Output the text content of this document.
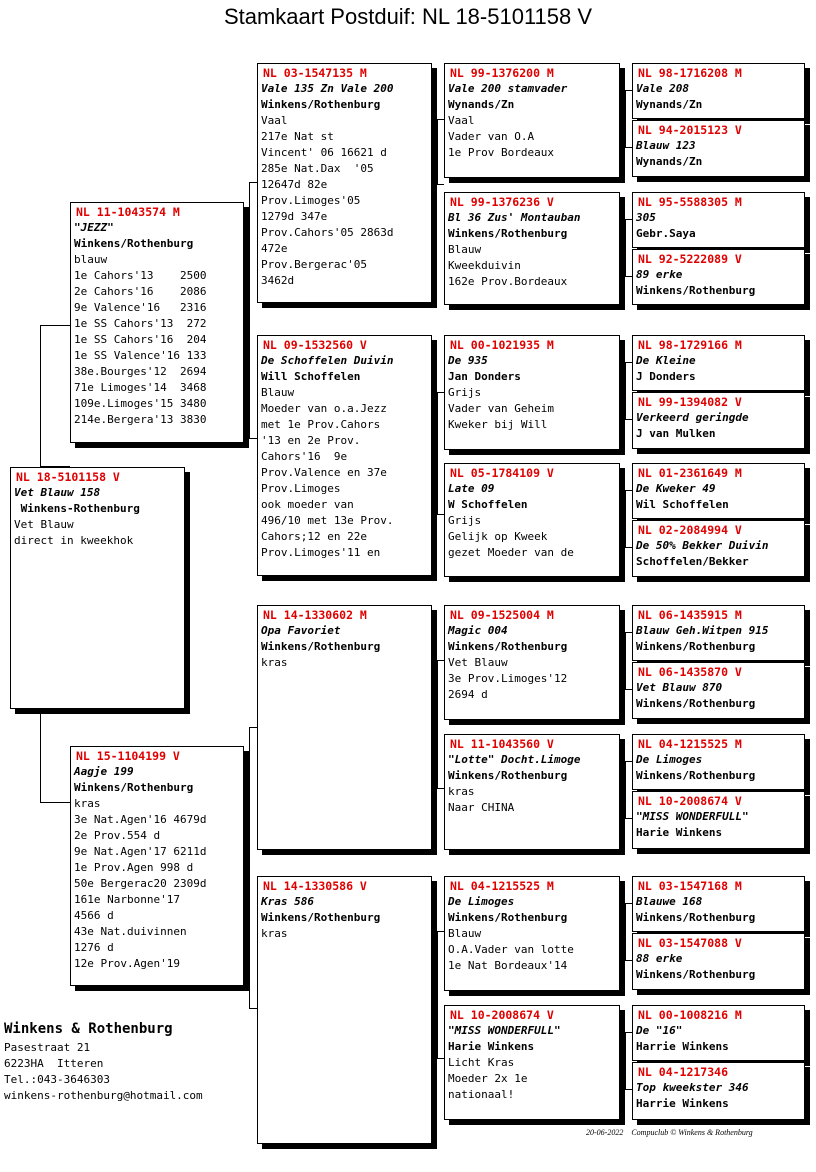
Stamkaart Postduif: NL 18-5101158 V
NL 18-5101158 V
Vet Blauw 158
Winkens-Rothenburg
Vet Blauw
direct in kweekhok
NL 11-1043574 M
"JEZZ"
Winkens/Rothenburg
blauw
1e Cahors'13    2500
2e Cahors'16    2086
9e Valence'16   2316
1e SS Cahors'13  272
1e SS Cahors'16  204
1e SS Valence'16 133
38e.Bourges'12  2694
71e Limoges'14  3468
109e.Limoges'15 3480
214e.Bergera'13 3830
NL 15-1104199 V
Aagje 199
Winkens/Rothenburg
kras
3e Nat.Agen'16 4679d
2e Prov.554 d
9e Nat.Agen'17 6211d
1e Prov.Agen 998 d
50e Bergerac20 2309d
161e Narbonne'17
4566 d
43e Nat.duivinnen
1276 d
12e Prov.Agen'19
NL 03-1547135 M
Vale 135 Zn Vale 200
Winkens/Rothenburg
Vaal
217e Nat st
Vincent' 06 16621 d
285e Nat.Dax  '05
12647d 82e
Prov.Limoges'05
1279d 347e
Prov.Cahors'05 2863d
472e
Prov.Bergerac'05
3462d
NL 09-1532560 V
De Schoffelen Duivin
Will Schoffelen
Blauw
Moeder van o.a.Jezz
met 1e Prov.Cahors
'13 en 2e Prov.
Cahors'16  9e
Prov.Valence en 37e
Prov.Limoges
ook moeder van
496/10 met 13e Prov.
Cahors;12 en 22e
Prov.Limoges'11 en
NL 14-1330602 M
Opa Favoriet
Winkens/Rothenburg
kras
NL 14-1330586 V
Kras 586
Winkens/Rothenburg
kras
NL 99-1376200 M
Vale 200 stamvader
Wynands/Zn
Vaal
Vader van O.A
1e Prov Bordeaux
NL 99-1376236 V
Bl 36 Zus' Montauban
Winkens/Rothenburg
Blauw
Kweekduivin
162e Prov.Bordeaux
NL 00-1021935 M
De 935
Jan Donders
Grijs
Vader van Geheim
Kweker bij Will
NL 05-1784109 V
Late 09
W Schoffelen
Grijs
Gelijk op Kweek
gezet Moeder van de
NL 09-1525004 M
Magic 004
Winkens/Rothenburg
Vet Blauw
3e Prov.Limoges'12
2694 d
NL 11-1043560 V
"Lotte" Docht.Limoge
Winkens/Rothenburg
kras
Naar CHINA
NL 04-1215525 M
De Limoges
Winkens/Rothenburg
Blauw
O.A.Vader van lotte
1e Nat Bordeaux'14
NL 10-2008674 V
"MISS WONDERFULL"
Harie Winkens
Licht Kras
Moeder 2x 1e
nationaal!
NL 98-1716208 M
Vale 208
Wynands/Zn
NL 94-2015123 V
Blauw 123
Wynands/Zn
NL 95-5588305 M
305
Gebr.Saya
NL 92-5222089 V
89 erke
Winkens/Rothenburg
NL 98-1729166 M
De Kleine
J Donders
NL 99-1394082 V
Verkeerd geringde
J van Mulken
NL 01-2361649 M
De Kweker 49
Wil Schoffelen
NL 02-2084994 V
De 50% Bekker Duivin
Schoffelen/Bekker
NL 06-1435915 M
Blauw Geh.Witpen 915
Winkens/Rothenburg
NL 06-1435870 V
Vet Blauw 870
Winkens/Rothenburg
NL 04-1215525 M
De Limoges
Winkens/Rothenburg
NL 10-2008674 V
"MISS WONDERFULL"
Harie Winkens
NL 03-1547168 M
Blauwe 168
Winkens/Rothenburg
NL 03-1547088 V
88 erke
Winkens/Rothenburg
NL 00-1008216 M
De "16"
Harrie Winkens
NL 04-1217346
Top kweekster 346
Harrie Winkens
Winkens & Rothenburg
Pasestraat 21
6223HA  Itteren
Tel.:043-3646303
winkens-rothenburg@hotmail.com
20-06-2022    Compuclub © Winkens & Rothenburg
